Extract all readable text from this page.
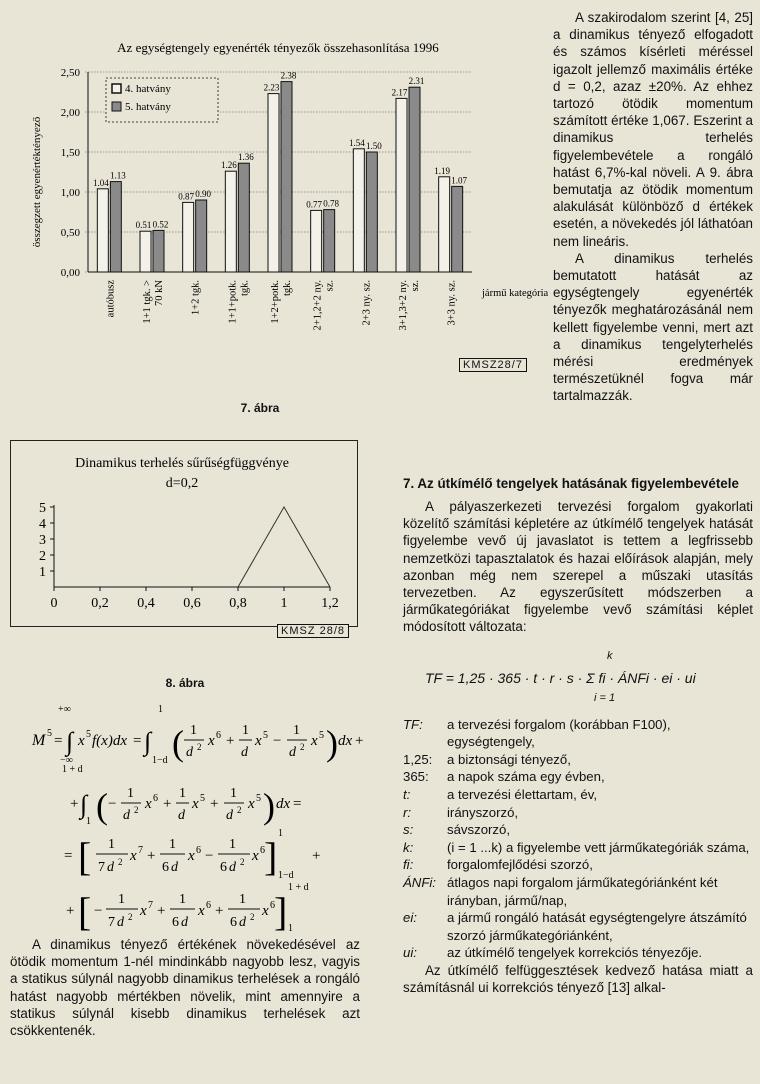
Az egységtengely egyenérték tényezők összehasonlítása 1996
összegzett egyenértéktényező
0,00
0,50
1,00
1,50
2,00
2,50
1.04
1.13
0.51 0.52
0.87 0.90
1.26
1.36
2.23
2.38
0.77 0.78
1.54 1.50
2.17
2.31
1.19
1.07
autóbusz 1+1 tgk. >70 kN 1+2 tgk. 1+1+potk.tgk. 1+2+potk.tgk. 2+1,2+2 ny.sz. 2+3 ny. sz. 3+1,3+2 ny.sz. 3+3 ny. sz.
4. hatvány
5. hatvány
jármű kategória
KMSZ28/7
7. ábra
Dinamikus terhelés sűrűségfüggvénye
d=0,2
0 0,2 0,4 0,6 0,8 1 1,2
1
2
3
4
5
KMSZ 28/8
8. ábra
M 5 = ∫
+∞
−∞
x 5 f(x)dx = ∫
1
1−d ( 1
d 2 x 6 +
1
d
x 5 −
1
d 2 x 5 ) dx +
1 + d
+ ∫
1 ( −
1
d 2 x 6 +
1
d
x 5 +
1
d 2 x 5 ) dx =
= [ 1
7 d 2 x 7 +
1
6 d
x 6 −
1
6 d 2 x 6 ]
1
1−d
+
+ [ −
1
7 d 2 x 7 +
1
6 d
x 6 +
1
6 d 2 x 6 ]
1 + d
1

A dinamikus tényező értékének növekedésével az ötödik momentum 1-nél mindinkább nagyobb lesz, vagyis a statikus súlynál nagyobb dinamikus terhelések a rongáló hatást nagyobb mértékben növelik, mint amennyire a statikus súlynál kisebb dinamikus terhelések azt csökkentenék.

A szakirodalom szerint [4, 25] a dinamikus tényező elfogadott és számos kísérleti méréssel igazolt jellemző maximális értéke d = 0,2, azaz ±20%. Az ehhez tartozó ötödik momentum számított értéke 1,067. Eszerint a dinamikus terhelés figyelembevétele a rongáló hatást 6,7%-kal növeli. A 9. ábra bemutatja az ötödik momentum alakulását különböző d értékek esetén, a növekedés jól láthatóan nem lineáris.

A dinamikus terhelés bemutatott hatását az egységtengely egyenérték tényezők meghatározásánál nem kellett figyelembe venni, mert azt a dinamikus tengelyterhelés mérési eredmények természetüknél fogva már tartalmazzák.

7. Az útkímélő tengelyek hatásának figyelembevétele

A pályaszerkezeti tervezési forgalom gyakorlati közelítő számítási képletére az útkímélő tengelyek hatását figyelembe vevő új javaslatot is tettem a legfrissebb nemzetközi tapasztalatok és hazai előírások alapján, mely azonban még nem szerepel a műszaki utasítás tervezetben. Az egyszerűsített módszerben a járműkategóriákat figyelembe vevő számítási képlet módosított változata:

k
TF = 1,25 · 365 · t · r · s · Σ fi · ÁNFi · ei · ui
i = 1
TF:	a tervezési forgalom (korábban F100), egységtengely,
1,25:	a biztonsági tényező,
365:	a napok száma egy évben,
t:	a tervezési élettartam, év,
r:	irányszorzó,
s:	sávszorzó,
k:	(i = 1 ...k) a figyelembe vett járműkategóriák száma,
fi:	forgalomfejlődési szorzó,
ÁNFi: átlagos napi forgalom járműkategóriánként két irányban, jármű/nap,
ei:	a jármű rongáló hatását egységtengelyre átszámító szorzó járműkategóriánként,
ui:	az útkímélő tengelyek korrekciós tényezője.

Az útkímélő felfüggesztések kedvező hatása miatt a számításnál ui korrekciós tényező [13] alkal-
